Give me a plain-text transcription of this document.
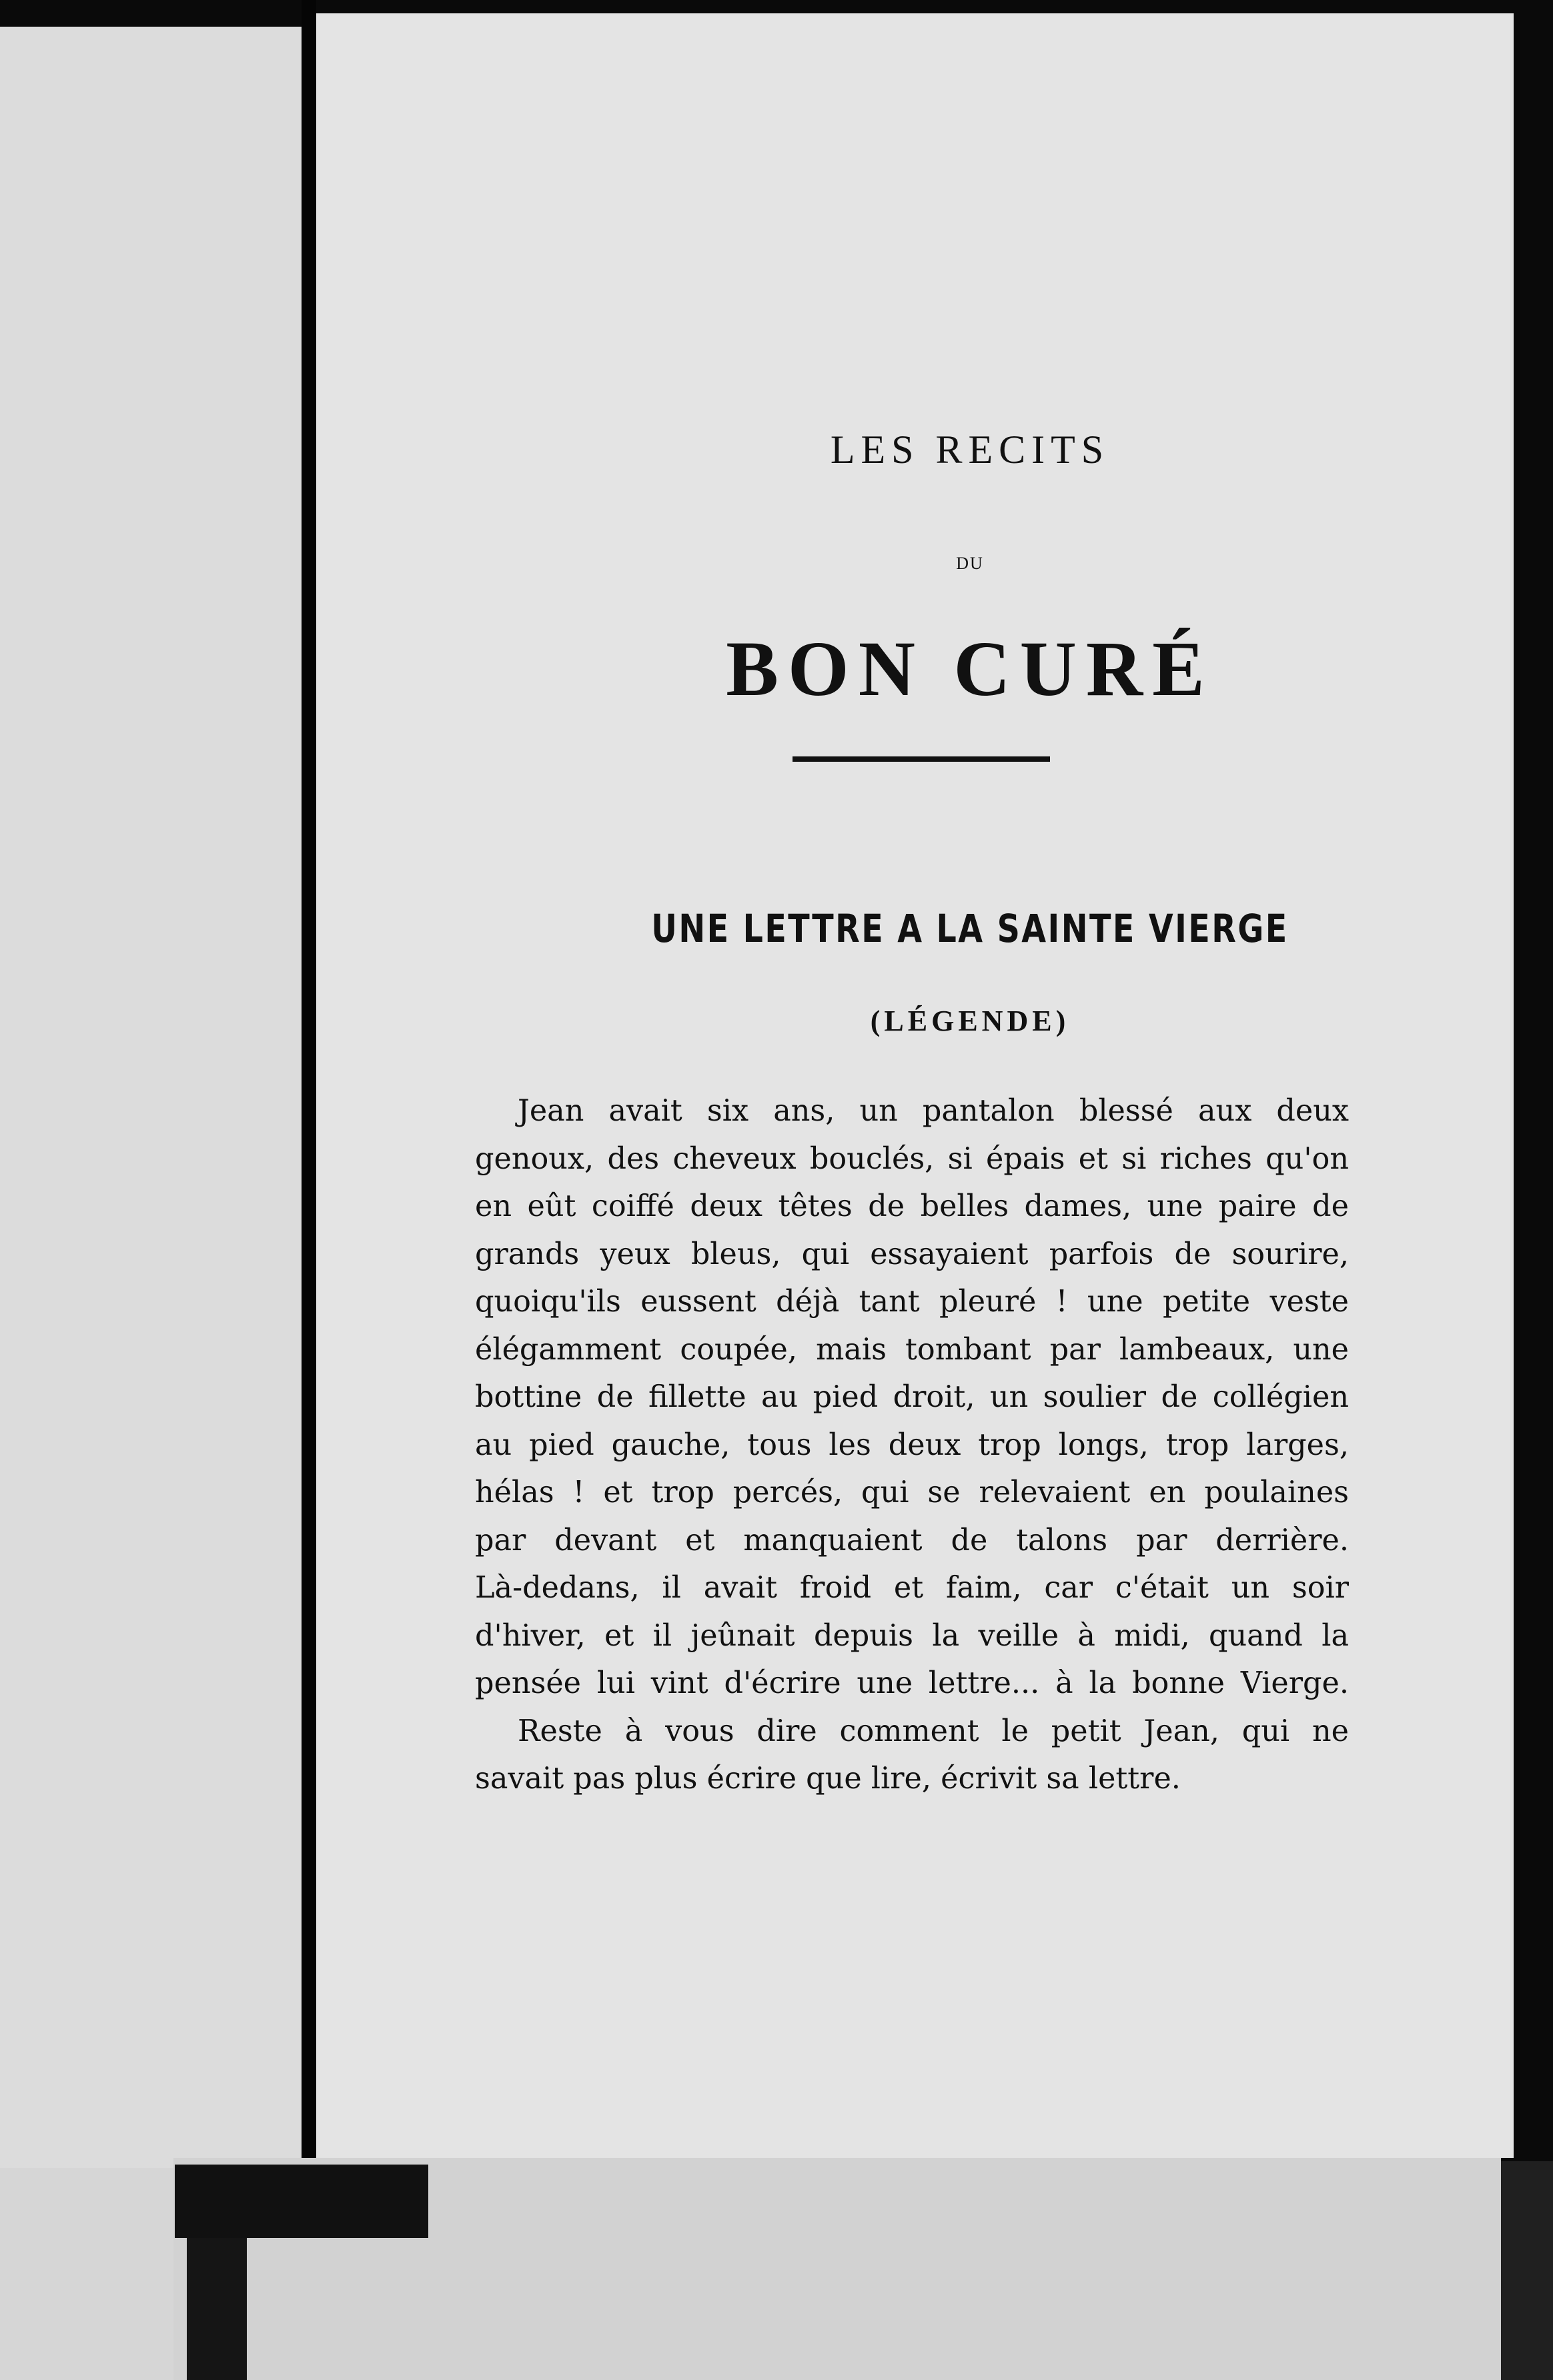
LES RECITS

DU

BON CURÉ

UNE LETTRE A LA SAINTE VIERGE

(LÉGENDE)

Jean avait six ans, un pantalon blessé aux deux
genoux, des cheveux bouclés, si épais et si riches qu'on
en eût coiffé deux têtes de belles dames, une paire de
grands yeux bleus, qui essayaient parfois de sourire,
quoiqu'ils eussent déjà tant pleuré ! une petite veste
élégamment coupée, mais tombant par lambeaux, une
bottine de fillette au pied droit, un soulier de collégien
au pied gauche, tous les deux trop longs, trop larges,
hélas ! et trop percés, qui se relevaient en poulaines
par devant et manquaient de talons par derrière.
Là-dedans, il avait froid et faim, car c'était un soir
d'hiver, et il jeûnait depuis la veille à midi, quand la
pensée lui vint d'écrire une lettre... à la bonne Vierge.
Reste à vous dire comment le petit Jean, qui ne
savait pas plus écrire que lire, écrivit sa lettre.
